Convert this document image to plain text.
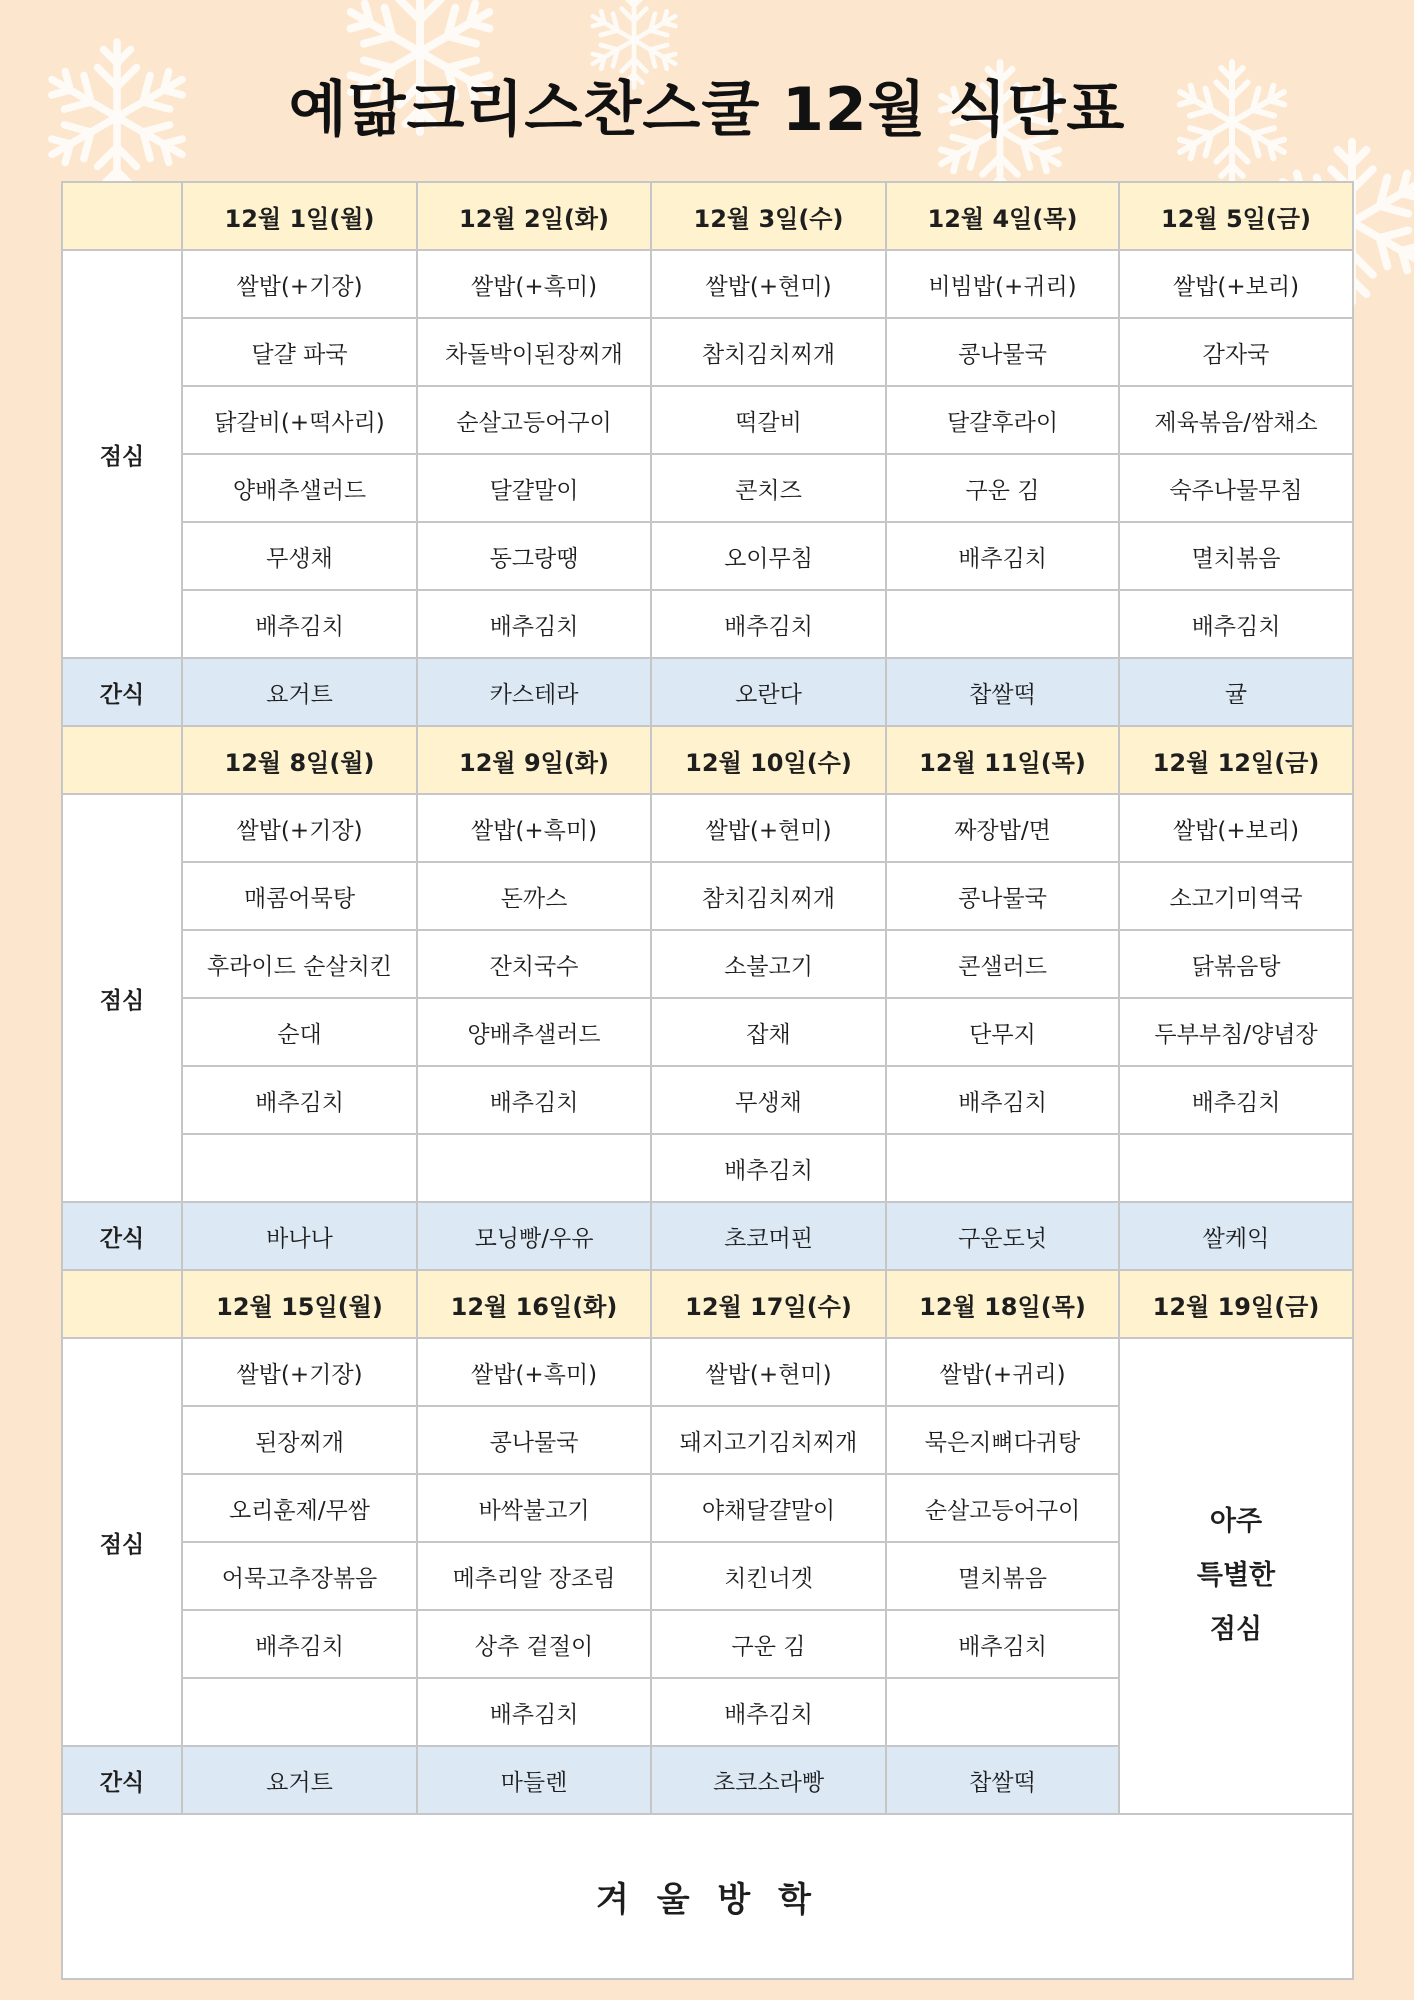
예닮크리스찬스쿨 12월 식단표
	12월 1일(월)	12월 2일(화)	12월 3일(수)	12월 4일(목)	12월 5일(금)
점심	쌀밥(+기장)	쌀밥(+흑미)	쌀밥(+현미)	비빔밥(+귀리)	쌀밥(+보리)
	달걀 파국	차돌박이된장찌개	참치김치찌개	콩나물국	감자국
	닭갈비(+떡사리)	순살고등어구이	떡갈비	달걀후라이	제육볶음/쌈채소
	양배추샐러드	달걀말이	콘치즈	구운 김	숙주나물무침
	무생채	동그랑땡	오이무침	배추김치	멸치볶음
	배추김치	배추김치	배추김치		배추김치
간식	요거트	카스테라	오란다	찹쌀떡	귤
	12월 8일(월)	12월 9일(화)	12월 10일(수)	12월 11일(목)	12월 12일(금)
점심	쌀밥(+기장)	쌀밥(+흑미)	쌀밥(+현미)	짜장밥/면	쌀밥(+보리)
	매콤어묵탕	돈까스	참치김치찌개	콩나물국	소고기미역국
	후라이드 순살치킨	잔치국수	소불고기	콘샐러드	닭볶음탕
	순대	양배추샐러드	잡채	단무지	두부부침/양념장
	배추김치	배추김치	무생채	배추김치	배추김치
			배추김치		
간식	바나나	모닝빵/우유	초코머핀	구운도넛	쌀케익
	12월 15일(월)	12월 16일(화)	12월 17일(수)	12월 18일(목)	12월 19일(금)
점심	쌀밥(+기장)	쌀밥(+흑미)	쌀밥(+현미)	쌀밥(+귀리)	아주
특별한
점심

	된장찌개	콩나물국	돼지고기김치찌개	묵은지뼈다귀탕	
	오리훈제/무쌈	바싹불고기	야채달걀말이	순살고등어구이	
	어묵고추장볶음	메추리알 장조림	치킨너겟	멸치볶음	
	배추김치	상추 겉절이	구운 김	배추김치	
		배추김치	배추김치		
간식	요거트	마들렌	초코소라빵	찹쌀떡	
겨 울 방 학					
